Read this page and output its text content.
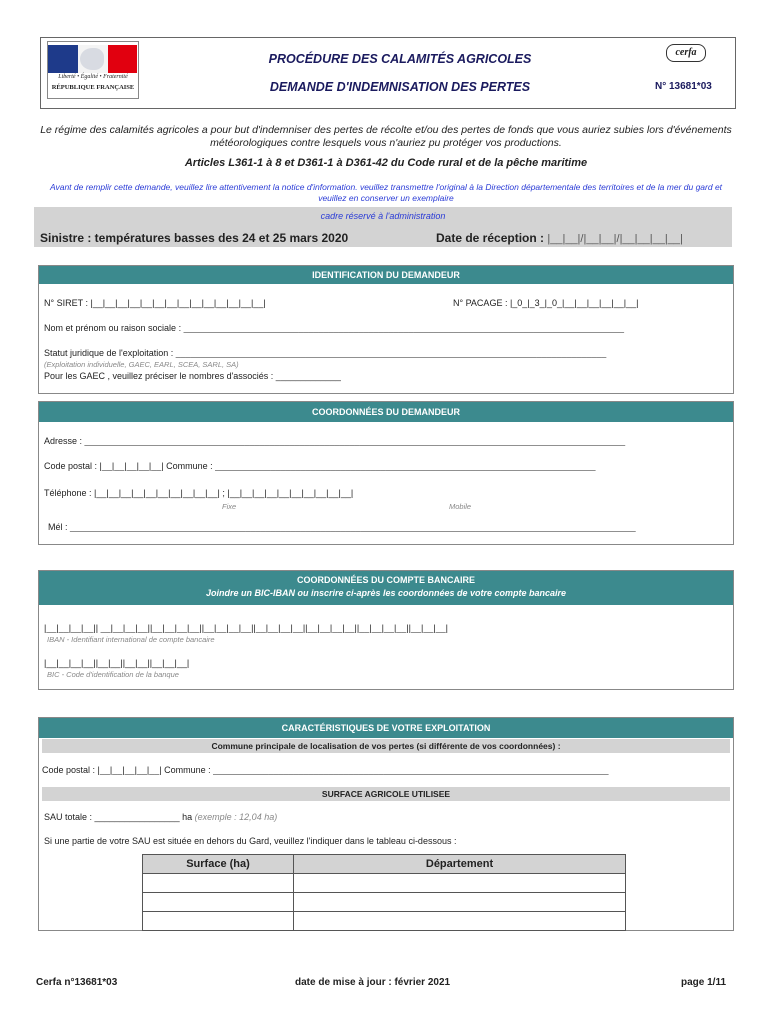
Liberté • Égalité • Fraternité
RÉPUBLIQUE FRANÇAISE
PROCÉDURE DES CALAMITÉS AGRICOLES
DEMANDE D'INDEMNISATION DES PERTES
cerfa
N° 13681*03
Le régime des calamités agricoles a pour but d'indemniser des pertes de récolte et/ou des pertes de fonds que vous auriez subies lors d'événements météorologiques contre lesquels vous n'auriez pu protéger vos productions.
Articles L361-1 à 8 et D361-1 à D361-42 du Code rural et de la pêche maritime
Avant de remplir cette demande, veuillez lire attentivement la notice d'information. veuillez transmettre l'original à la Direction départementale des territoires et de la mer du gard et veuillez en conserver un exemplaire
cadre réservé à l'administration
Sinistre : températures basses des 24 et 25 mars 2020	Date de réception : |__|__|/|__|__|/|__|__|__|__|
IDENTIFICATION DU DEMANDEUR
N° SIRET : |__|__|__|__|__|__|__|__|__|__|__|__|__|__|	N° PACAGE : |_0_|_3_|_0_|__|__|__|__|__|__|
Nom et prénom ou raison sociale : ________________________________________________________________________________________
Statut juridique de l'exploitation : ______________________________________________________________________________________
(Exploitation individuelle, GAEC, EARL, SCEA, SARL, SA)
Pour les GAEC , veuillez préciser le nombres d'associés : _____________
COORDONNÉES DU DEMANDEUR
Adresse : ____________________________________________________________________________________________________________
Code postal : |__|__|__|__|__| Commune : ____________________________________________________________________________
Téléphone : |__|__|__|__|__|__|__|__|__|__| ; |__|__|__|__|__|__|__|__|__|__|
Fixe	Mobile
Mél : _________________________________________________________________________________________________________________
COORDONNÉES DU COMPTE BANCAIRE
Joindre un BIC-IBAN ou inscrire ci-après les coordonnées de votre compte bancaire
|__|__|__|__|| __|__|__|__||__|__|__|__||__|__|__|__||__|__|__|__||__|__|__|__||__|__|__|__||__|__|__|
IBAN - Identifiant international de compte bancaire
|__|__|__|__||__|__||__|__||__|__|__|
BIC - Code d'identification de la banque
CARACTÉRISTIQUES DE VOTRE EXPLOITATION
Commune principale de localisation de vos pertes (si différente de vos coordonnées) :
Code postal : |__|__|__|__|__| Commune : _______________________________________________________________________________
SURFACE AGRICOLE UTILISEE
SAU totale : _________________ ha (exemple : 12,04 ha)
Si une partie de votre SAU est située en dehors du Gard, veuillez l'indiquer dans le tableau ci-dessous :
Surface (ha)	Département

Cerfa n°13681*03	date de mise à jour : février 2021	page 1/11
